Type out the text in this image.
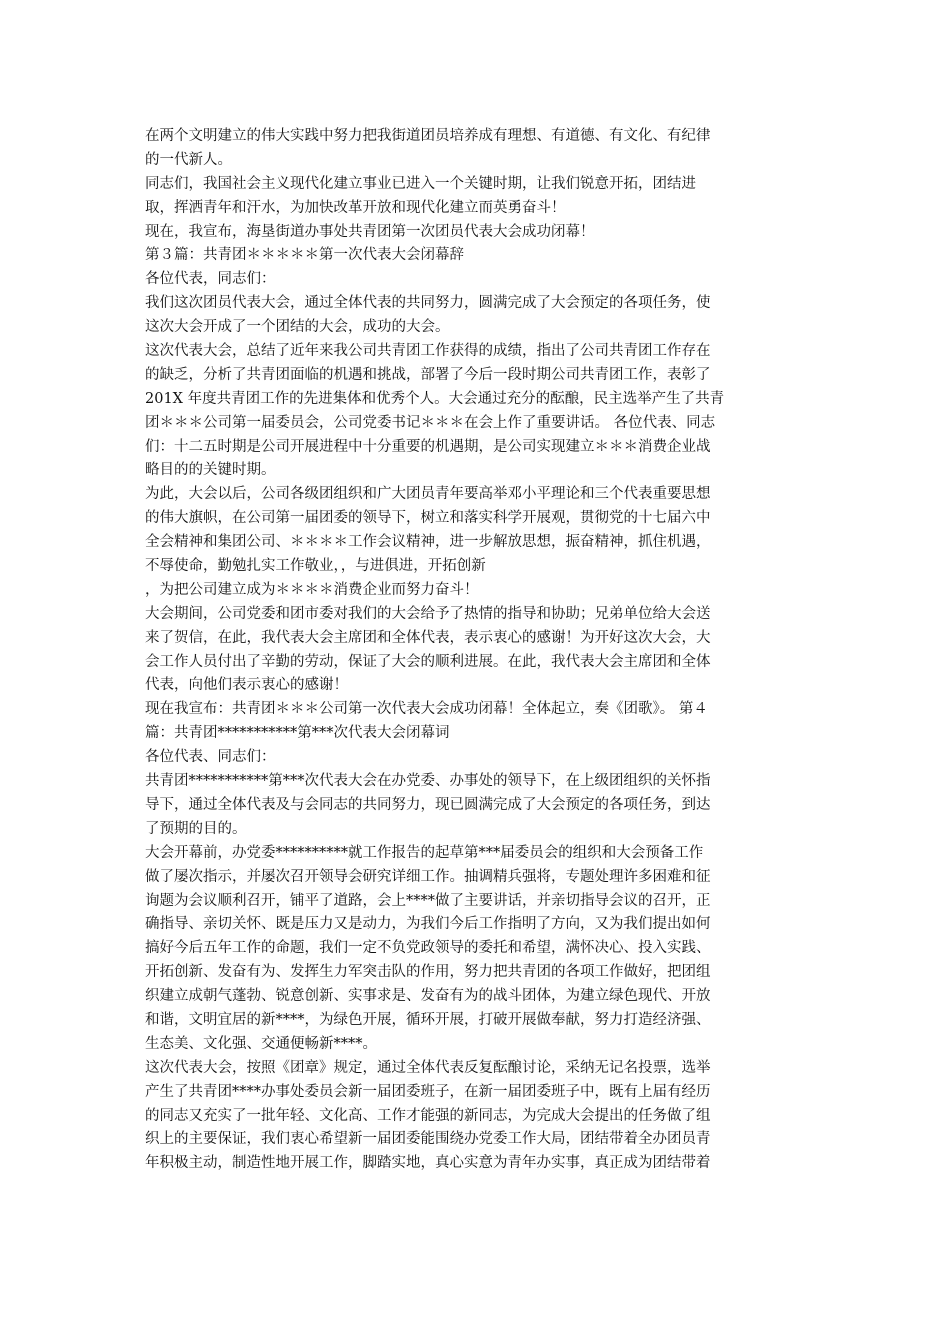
在两个文明建立的伟大实践中努力把我街道团员培养成有理想、有道德、有文化、有纪律
的一代新人。
同志们，我国社会主义现代化建立事业已进入一个关键时期，让我们锐意开拓，团结进
取，挥洒青年和汗水，为加快改革开放和现代化建立而英勇奋斗！
现在，我宣布，海垦街道办事处共青团第一次团员代表大会成功闭幕！
第３篇：共青团＊＊＊＊＊第一次代表大会闭幕辞
各位代表，同志们：
我们这次团员代表大会，通过全体代表的共同努力，圆满完成了大会预定的各项任务，使
这次大会开成了一个团结的大会，成功的大会。
这次代表大会，总结了近年来我公司共青团工作获得的成绩，指出了公司共青团工作存在
的缺乏，分析了共青团面临的机遇和挑战，部署了今后一段时期公司共青团工作，表彰了
201X 年度共青团工作的先进集体和优秀个人。大会通过充分的酝酿，民主选举产生了共青
团＊＊＊公司第一届委员会，公司党委书记＊＊＊在会上作了重要讲话。 各位代表、同志
们：十二五时期是公司开展进程中十分重要的机遇期，是公司实现建立＊＊＊消费企业战
略目的的关键时期。
为此，大会以后，公司各级团组织和广大团员青年要高举邓小平理论和三个代表重要思想
的伟大旗帜，在公司第一届团委的领导下，树立和落实科学开展观，贯彻党的十七届六中
全会精神和集团公司、＊＊＊＊工作会议精神，进一步解放思想，振奋精神，抓住机遇，
不辱使命，勤勉扎实工作敬业，，与进俱进，开拓创新
，为把公司建立成为＊＊＊＊消费企业而努力奋斗！
大会期间，公司党委和团市委对我们的大会给予了热情的指导和协助；兄弟单位给大会送
来了贺信，在此，我代表大会主席团和全体代表，表示衷心的感谢！为开好这次大会，大
会工作人员付出了辛勤的劳动，保证了大会的顺利进展。在此，我代表大会主席团和全体
代表，向他们表示衷心的感谢！
现在我宣布：共青团＊＊＊公司第一次代表大会成功闭幕！全体起立，奏《团歌》。 第４
篇：共青团***********第***次代表大会闭幕词
各位代表、同志们：
共青团***********第***次代表大会在办党委、办事处的领导下，在上级团组织的关怀指
导下，通过全体代表及与会同志的共同努力，现已圆满完成了大会预定的各项任务，到达
了预期的目的。
大会开幕前，办党委**********就工作报告的起草第***届委员会的组织和大会预备工作
做了屡次指示，并屡次召开领导会研究详细工作。抽调精兵强将，专题处理许多困难和征
询题为会议顺利召开，铺平了道路，会上****做了主要讲话，并亲切指导会议的召开，正
确指导、亲切关怀、既是压力又是动力，为我们今后工作指明了方向，又为我们提出如何
搞好今后五年工作的命题，我们一定不负党政领导的委托和希望，满怀决心、投入实践、
开拓创新、发奋有为、发挥生力军突击队的作用，努力把共青团的各项工作做好，把团组
织建立成朝气蓬勃、锐意创新、实事求是、发奋有为的战斗团体，为建立绿色现代、开放
和谐，文明宜居的新****，为绿色开展，循环开展，打破开展做奉献，努力打造经济强、
生态美、文化强、交通便畅新****。
这次代表大会，按照《团章》规定，通过全体代表反复酝酿讨论，采纳无记名投票，选举
产生了共青团****办事处委员会新一届团委班子，在新一届团委班子中，既有上届有经历
的同志又充实了一批年轻、文化高、工作才能强的新同志，为完成大会提出的任务做了组
织上的主要保证，我们衷心希望新一届团委能围绕办党委工作大局，团结带着全办团员青
年积极主动，制造性地开展工作，脚踏实地，真心实意为青年办实事，真正成为团结带着
